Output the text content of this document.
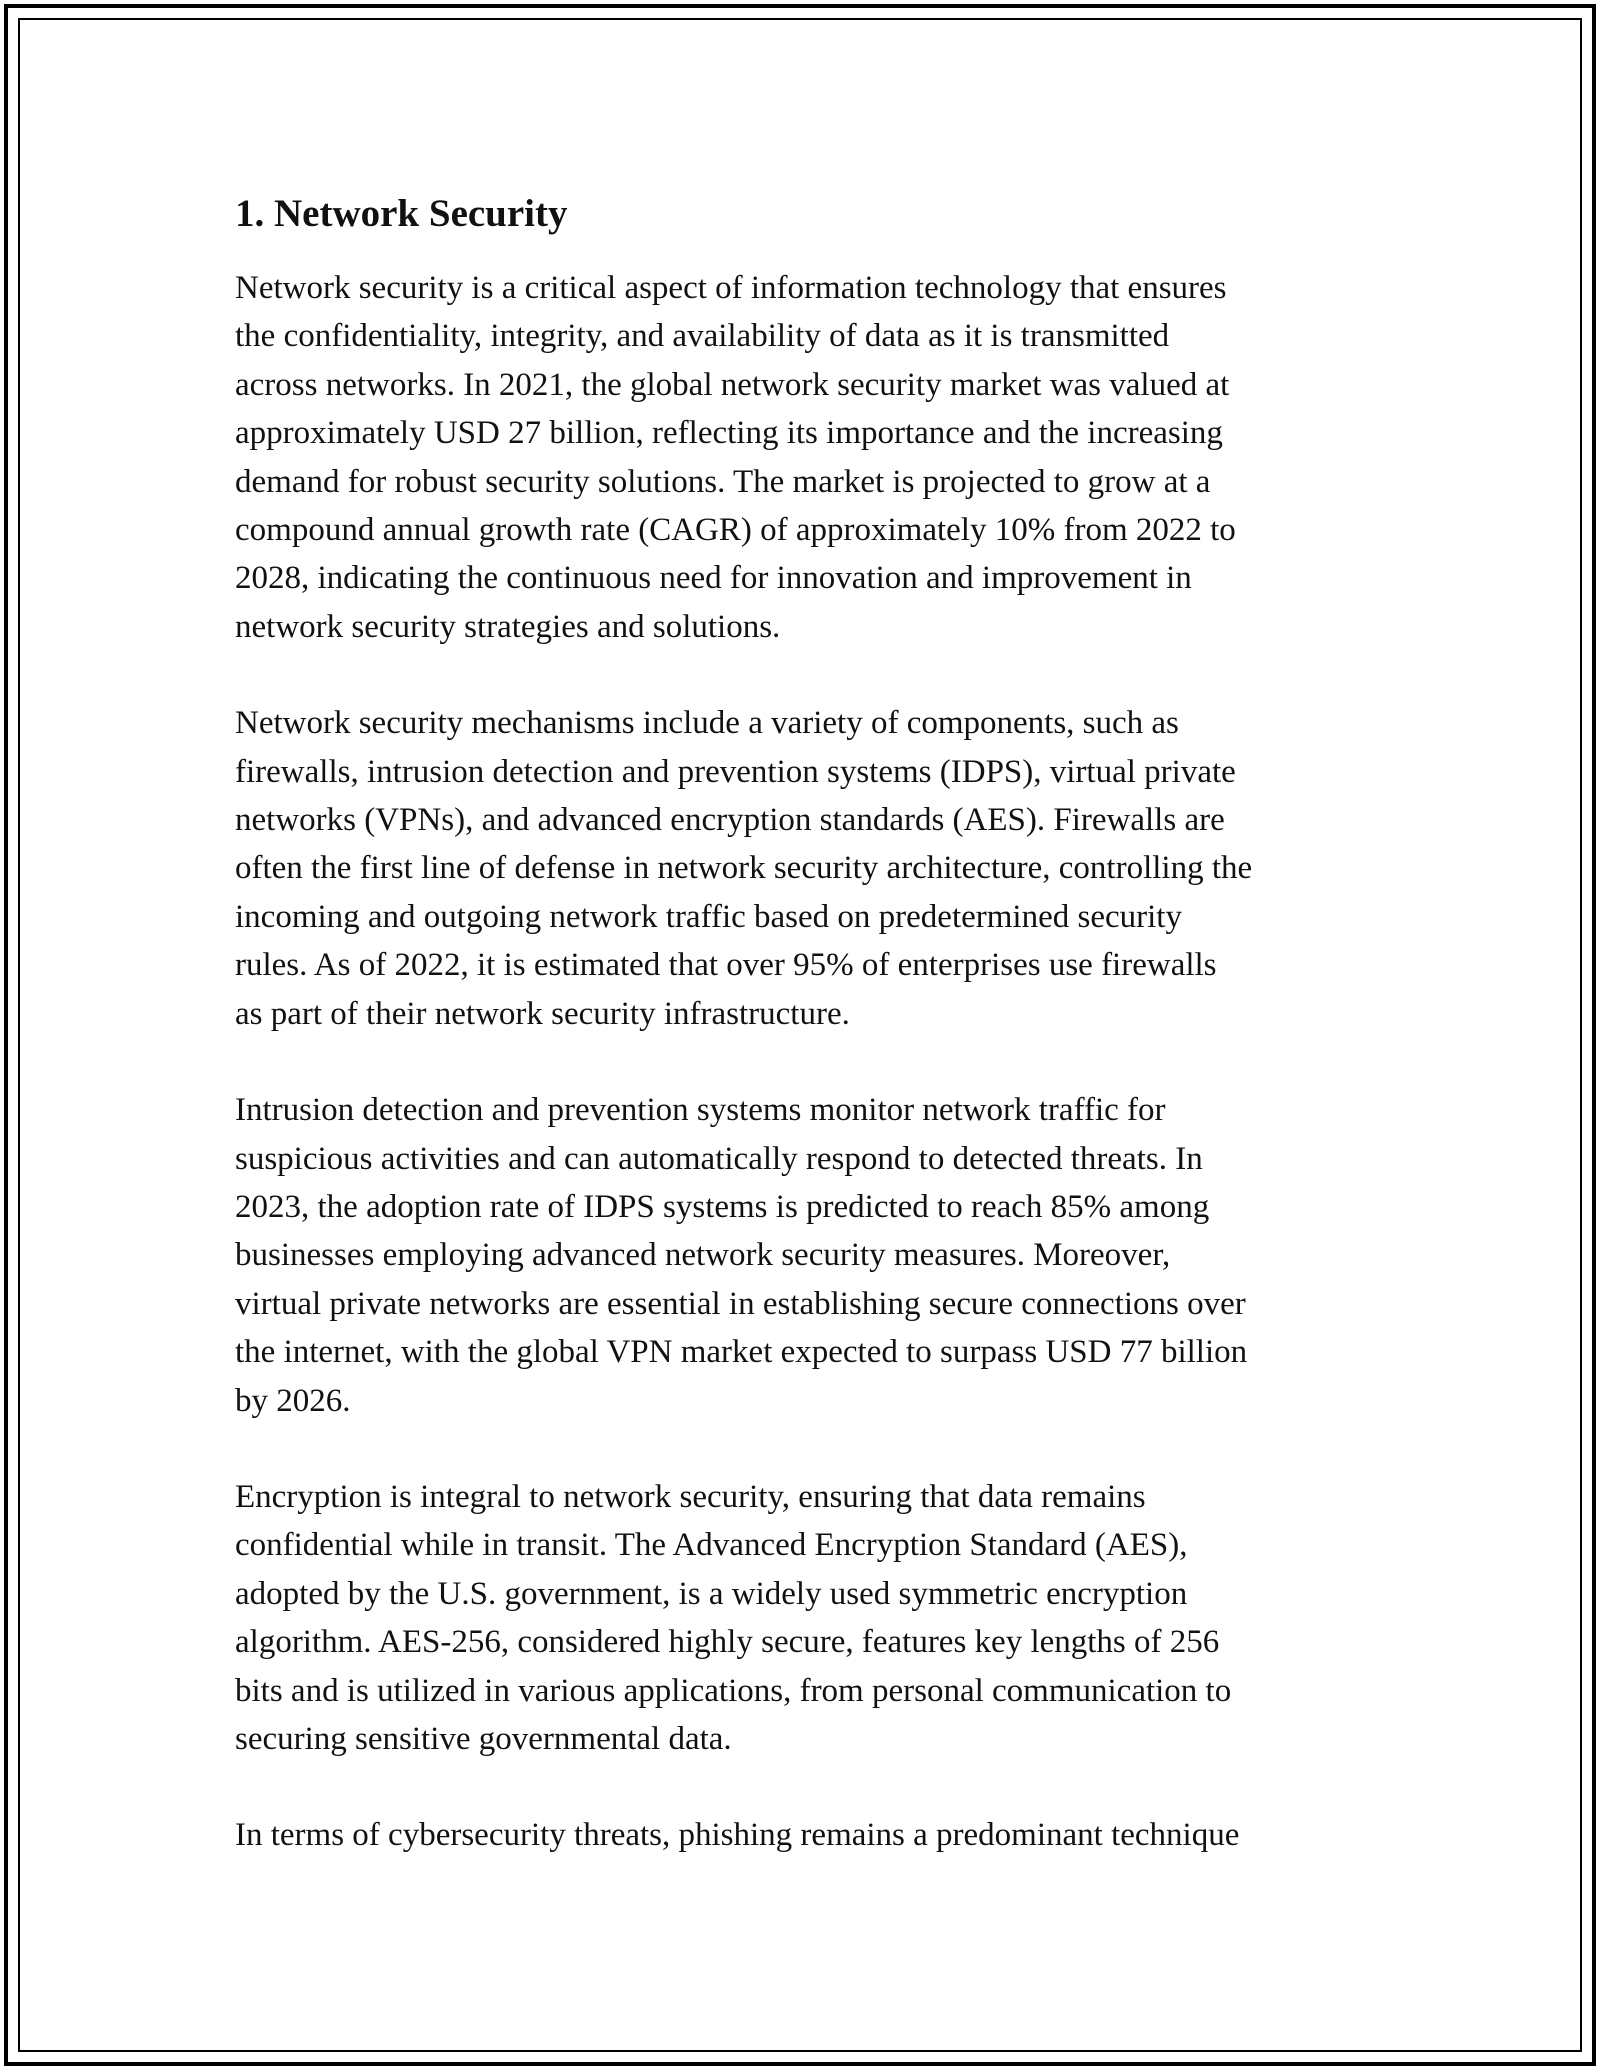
1. Network Security

Network security is a critical aspect of information technology that ensures
the confidentiality, integrity, and availability of data as it is transmitted
across networks. In 2021, the global network security market was valued at
approximately USD 27 billion, reflecting its importance and the increasing
demand for robust security solutions. The market is projected to grow at a
compound annual growth rate (CAGR) of approximately 10% from 2022 to
2028, indicating the continuous need for innovation and improvement in
network security strategies and solutions.

Network security mechanisms include a variety of components, such as
firewalls, intrusion detection and prevention systems (IDPS), virtual private
networks (VPNs), and advanced encryption standards (AES). Firewalls are
often the first line of defense in network security architecture, controlling the
incoming and outgoing network traffic based on predetermined security
rules. As of 2022, it is estimated that over 95% of enterprises use firewalls
as part of their network security infrastructure.

Intrusion detection and prevention systems monitor network traffic for
suspicious activities and can automatically respond to detected threats. In
2023, the adoption rate of IDPS systems is predicted to reach 85% among
businesses employing advanced network security measures. Moreover,
virtual private networks are essential in establishing secure connections over
the internet, with the global VPN market expected to surpass USD 77 billion
by 2026.

Encryption is integral to network security, ensuring that data remains
confidential while in transit. The Advanced Encryption Standard (AES),
adopted by the U.S. government, is a widely used symmetric encryption
algorithm. AES-256, considered highly secure, features key lengths of 256
bits and is utilized in various applications, from personal communication to
securing sensitive governmental data.

In terms of cybersecurity threats, phishing remains a predominant technique
